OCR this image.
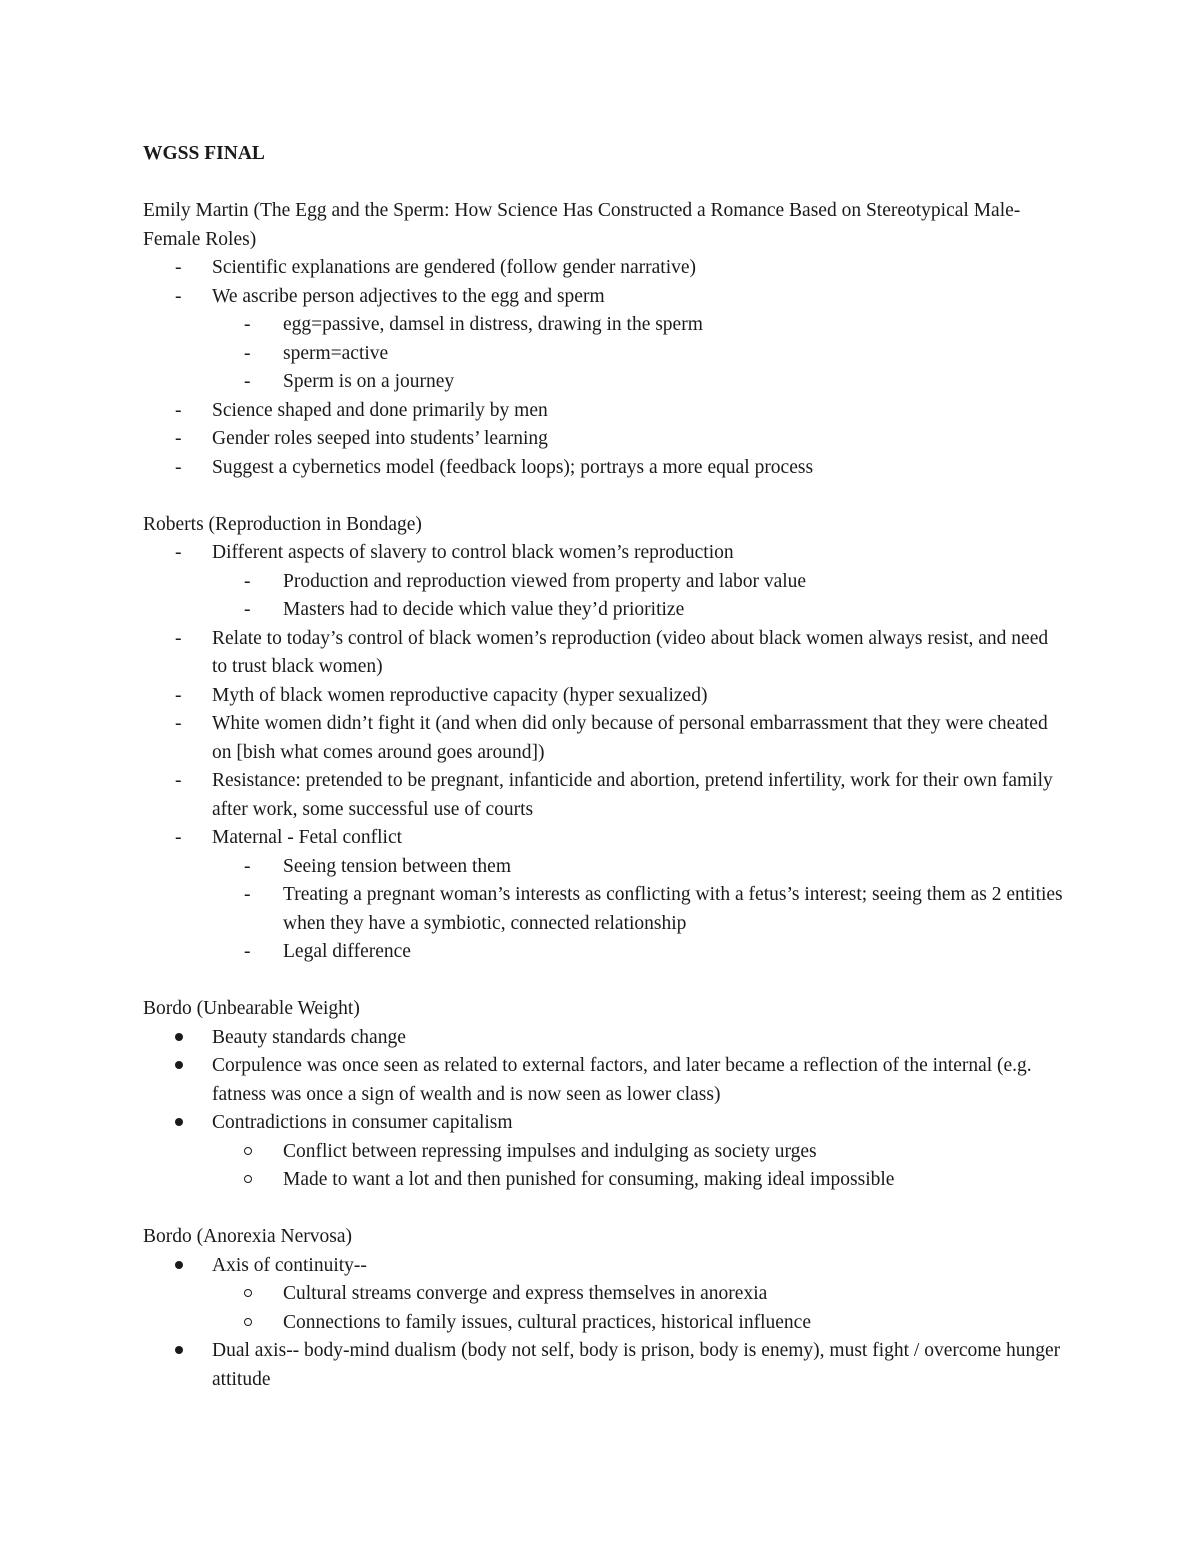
WGSS FINAL
Emily Martin (The Egg and the Sperm: How Science Has Constructed a Romance Based on Stereotypical Male-Female Roles)
-	Scientific explanations are gendered (follow gender narrative)
-	We ascribe person adjectives to the egg and sperm
-	egg=passive, damsel in distress, drawing in the sperm
-	sperm=active
-	Sperm is on a journey
-	Science shaped and done primarily by men
-	Gender roles seeped into students’ learning
-	Suggest a cybernetics model (feedback loops); portrays a more equal process
Roberts (Reproduction in Bondage)
-	Different aspects of slavery to control black women’s reproduction
-	Production and reproduction viewed from property and labor value
-	Masters had to decide which value they’d prioritize
-	Relate to today’s control of black women’s reproduction (video about black women always resist, and need to trust black women)
-	Myth of black women reproductive capacity (hyper sexualized)
-	White women didn’t fight it (and when did only because of personal embarrassment that they were cheated on [bish what comes around goes around])
-	Resistance: pretended to be pregnant, infanticide and abortion, pretend infertility, work for their own family after work, some successful use of courts
-	Maternal - Fetal conflict
-	Seeing tension between them
-	Treating a pregnant woman’s interests as conflicting with a fetus’s interest; seeing them as 2 entities when they have a symbiotic, connected relationship
-	Legal difference
Bordo (Unbearable Weight)
Beauty standards change
Corpulence was once seen as related to external factors, and later became a reflection of the internal (e.g. fatness was once a sign of wealth and is now seen as lower class)
Contradictions in consumer capitalism
Conflict between repressing impulses and indulging as society urges
Made to want a lot and then punished for consuming, making ideal impossible
Bordo (Anorexia Nervosa)
Axis of continuity--
Cultural streams converge and express themselves in anorexia
Connections to family issues, cultural practices, historical influence
Dual axis-- body-mind dualism (body not self, body is prison, body is enemy), must fight / overcome hunger attitude
